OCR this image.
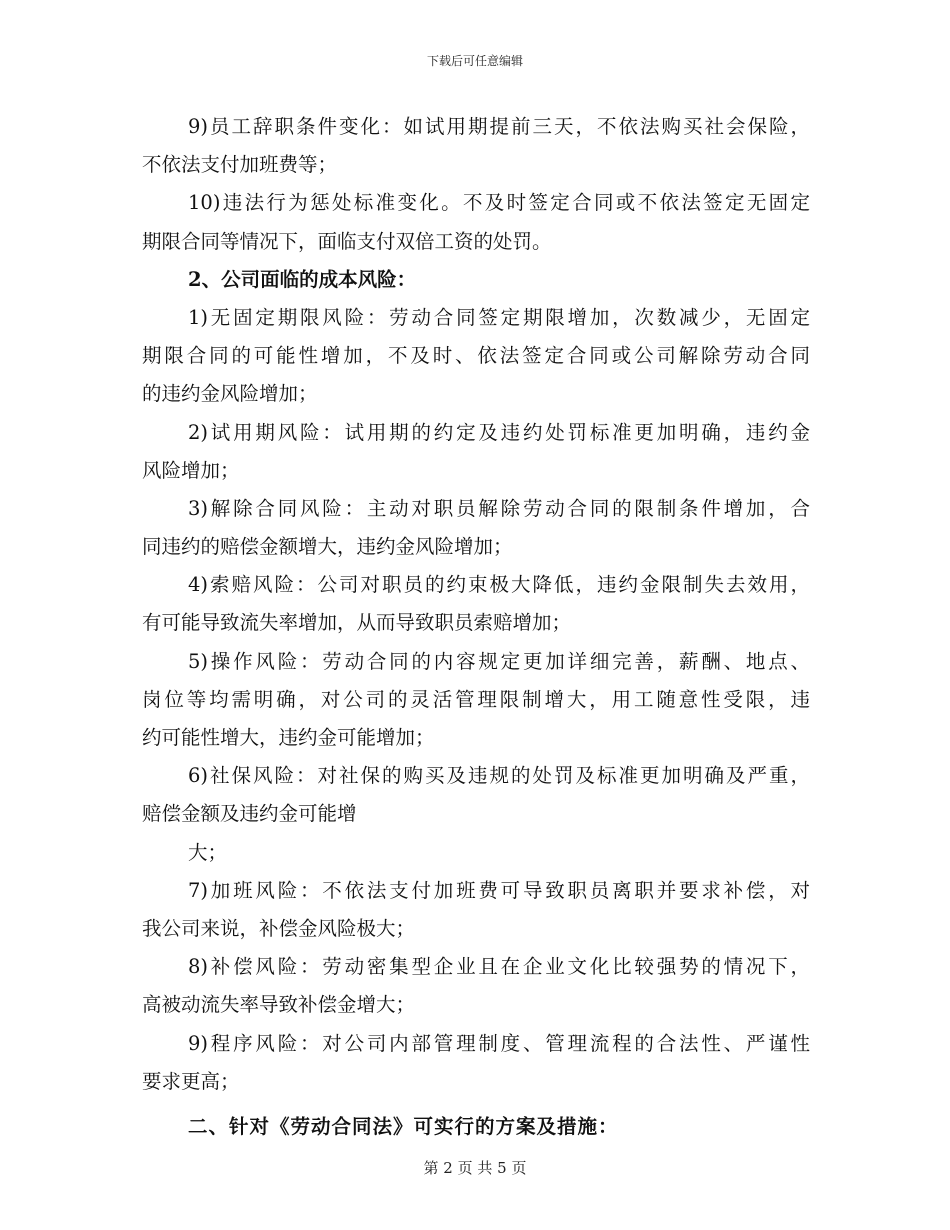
下载后可任意编辑
9)员工辞职条件变化：如试用期提前三天，不依法购买社会保险，
不依法支付加班费等；
10)违法行为惩处标准变化。不及时签定合同或不依法签定无固定
期限合同等情况下，面临支付双倍工资的处罚。
2、公司面临的成本风险：
1)无固定期限风险：劳动合同签定期限增加，次数减少，无固定
期限合同的可能性增加，不及时、依法签定合同或公司解除劳动合同
的违约金风险增加；
2)试用期风险：试用期的约定及违约处罚标准更加明确，违约金
风险增加；
3)解除合同风险：主动对职员解除劳动合同的限制条件增加，合
同违约的赔偿金额增大，违约金风险增加；
4)索赔风险：公司对职员的约束极大降低，违约金限制失去效用，
有可能导致流失率增加，从而导致职员索赔增加；
5)操作风险：劳动合同的内容规定更加详细完善，薪酬、地点、
岗位等均需明确，对公司的灵活管理限制增大，用工随意性受限，违
约可能性增大，违约金可能增加；
6)社保风险：对社保的购买及违规的处罚及标准更加明确及严重，
赔偿金额及违约金可能增
大；
7)加班风险：不依法支付加班费可导致职员离职并要求补偿，对
我公司来说，补偿金风险极大；
8)补偿风险：劳动密集型企业且在企业文化比较强势的情况下，
高被动流失率导致补偿金增大；
9)程序风险：对公司内部管理制度、管理流程的合法性、严谨性
要求更高；
二、针对《劳动合同法》可实行的方案及措施：
第 2 页 共 5 页
